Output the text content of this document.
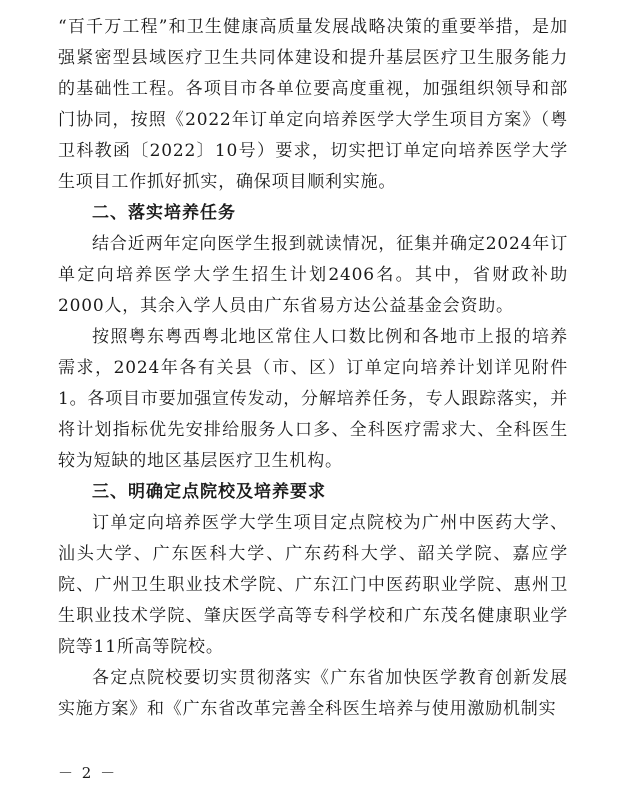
“百千万工程”和卫生健康高质量发展战略决策的重要举措，是加强紧密型县域医疗卫生共同体建设和提升基层医疗卫生服务能力的基础性工程。各项目市各单位要高度重视，加强组织领导和部门协同，按照《2022年订单定向培养医学大学生项目方案》（粤卫科教函〔2022〕10号）要求，切实把订单定向培养医学大学生项目工作抓好抓实，确保项目顺利实施。

二、落实培养任务

结合近两年定向医学生报到就读情况，征集并确定2024年订单定向培养医学大学生招生计划2406名。其中，省财政补助2000人，其余入学人员由广东省易方达公益基金会资助。

按照粤东粤西粤北地区常住人口数比例和各地市上报的培养需求，2024年各有关县（市、区）订单定向培养计划详见附件1。各项目市要加强宣传发动，分解培养任务，专人跟踪落实，并将计划指标优先安排给服务人口多、全科医疗需求大、全科医生较为短缺的地区基层医疗卫生机构。

三、明确定点院校及培养要求

订单定向培养医学大学生项目定点院校为广州中医药大学、汕头大学、广东医科大学、广东药科大学、韶关学院、嘉应学院、广州卫生职业技术学院、广东江门中医药职业学院、惠州卫生职业技术学院、肇庆医学高等专科学校和广东茂名健康职业学院等11所高等院校。

各定点院校要切实贯彻落实《广东省加快医学教育创新发展实施方案》和《广东省改革完善全科医生培养与使用激励机制实

－ 2 －
